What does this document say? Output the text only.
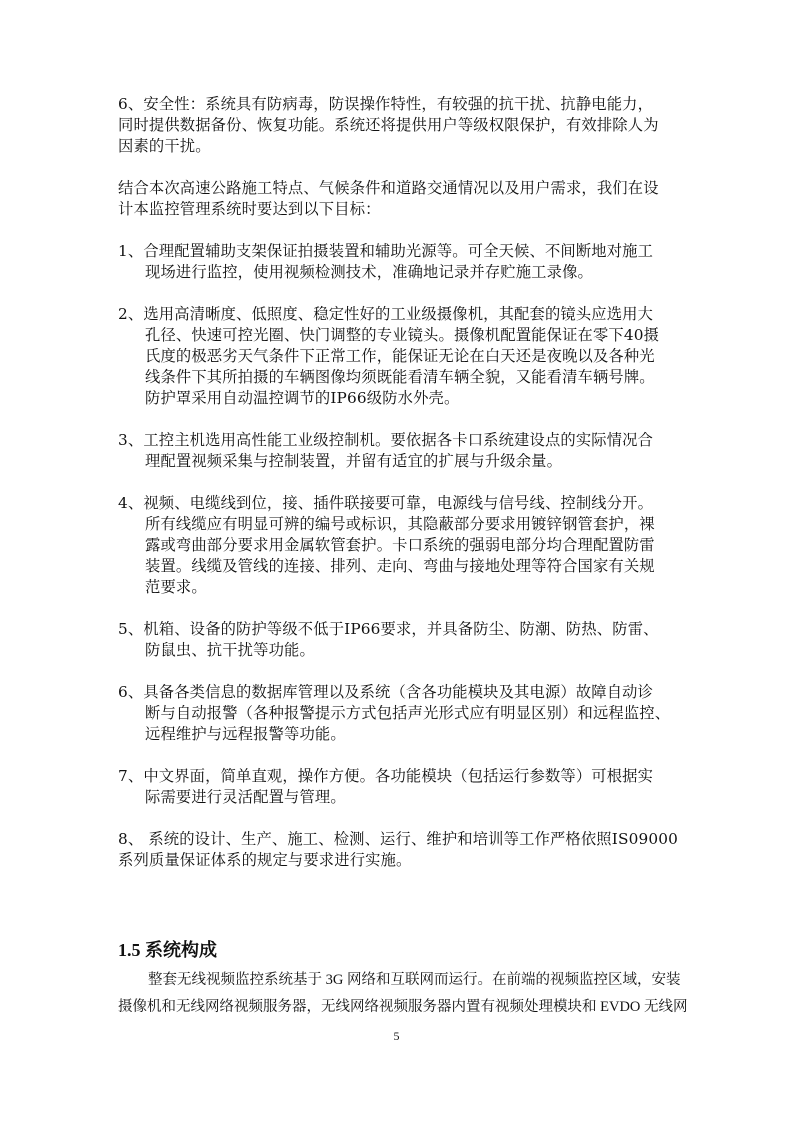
6、安全性：系统具有防病毒，防误操作特性，有较强的抗干扰、抗静电能力，
同时提供数据备份、恢复功能。系统还将提供用户等级权限保护，有效排除人为
因素的干扰。
结合本次高速公路施工特点、气候条件和道路交通情况以及用户需求，我们在设
计本监控管理系统时要达到以下目标：
1、合理配置辅助支架保证拍摄装置和辅助光源等。可全天候、不间断地对施工
现场进行监控，使用视频检测技术，准确地记录并存贮施工录像。
2、选用高清晰度、低照度、稳定性好的工业级摄像机，其配套的镜头应选用大
孔径、快速可控光圈、快门调整的专业镜头。摄像机配置能保证在零下40摄
氏度的极恶劣天气条件下正常工作，能保证无论在白天还是夜晚以及各种光
线条件下其所拍摄的车辆图像均须既能看清车辆全貌，又能看清车辆号牌。
防护罩采用自动温控调节的IP66级防水外壳。
3、工控主机选用高性能工业级控制机。要依据各卡口系统建设点的实际情况合
理配置视频采集与控制装置，并留有适宜的扩展与升级余量。
4、视频、电缆线到位，接、插件联接要可靠，电源线与信号线、控制线分开。
所有线缆应有明显可辨的编号或标识，其隐蔽部分要求用镀锌钢管套护，裸
露或弯曲部分要求用金属软管套护。卡口系统的强弱电部分均合理配置防雷
装置。线缆及管线的连接、排列、走向、弯曲与接地处理等符合国家有关规
范要求。
5、机箱、设备的防护等级不低于IP66要求，并具备防尘、防潮、防热、防雷、
防鼠虫、抗干扰等功能。
6、具备各类信息的数据库管理以及系统（含各功能模块及其电源）故障自动诊
断与自动报警（各种报警提示方式包括声光形式应有明显区别）和远程监控、
远程维护与远程报警等功能。
7、中文界面，简单直观，操作方便。各功能模块（包括运行参数等）可根据实
际需要进行灵活配置与管理。
8、 系统的设计、生产、施工、检测、运行、维护和培训等工作严格依照IS09000
系列质量保证体系的规定与要求进行实施。
1.5 系统构成
整套无线视频监控系统基于 3G 网络和互联网而运行。在前端的视频监控区域，安装
摄像机和无线网络视频服务器，无线网络视频服务器内置有视频处理模块和 EVDO 无线网
5
